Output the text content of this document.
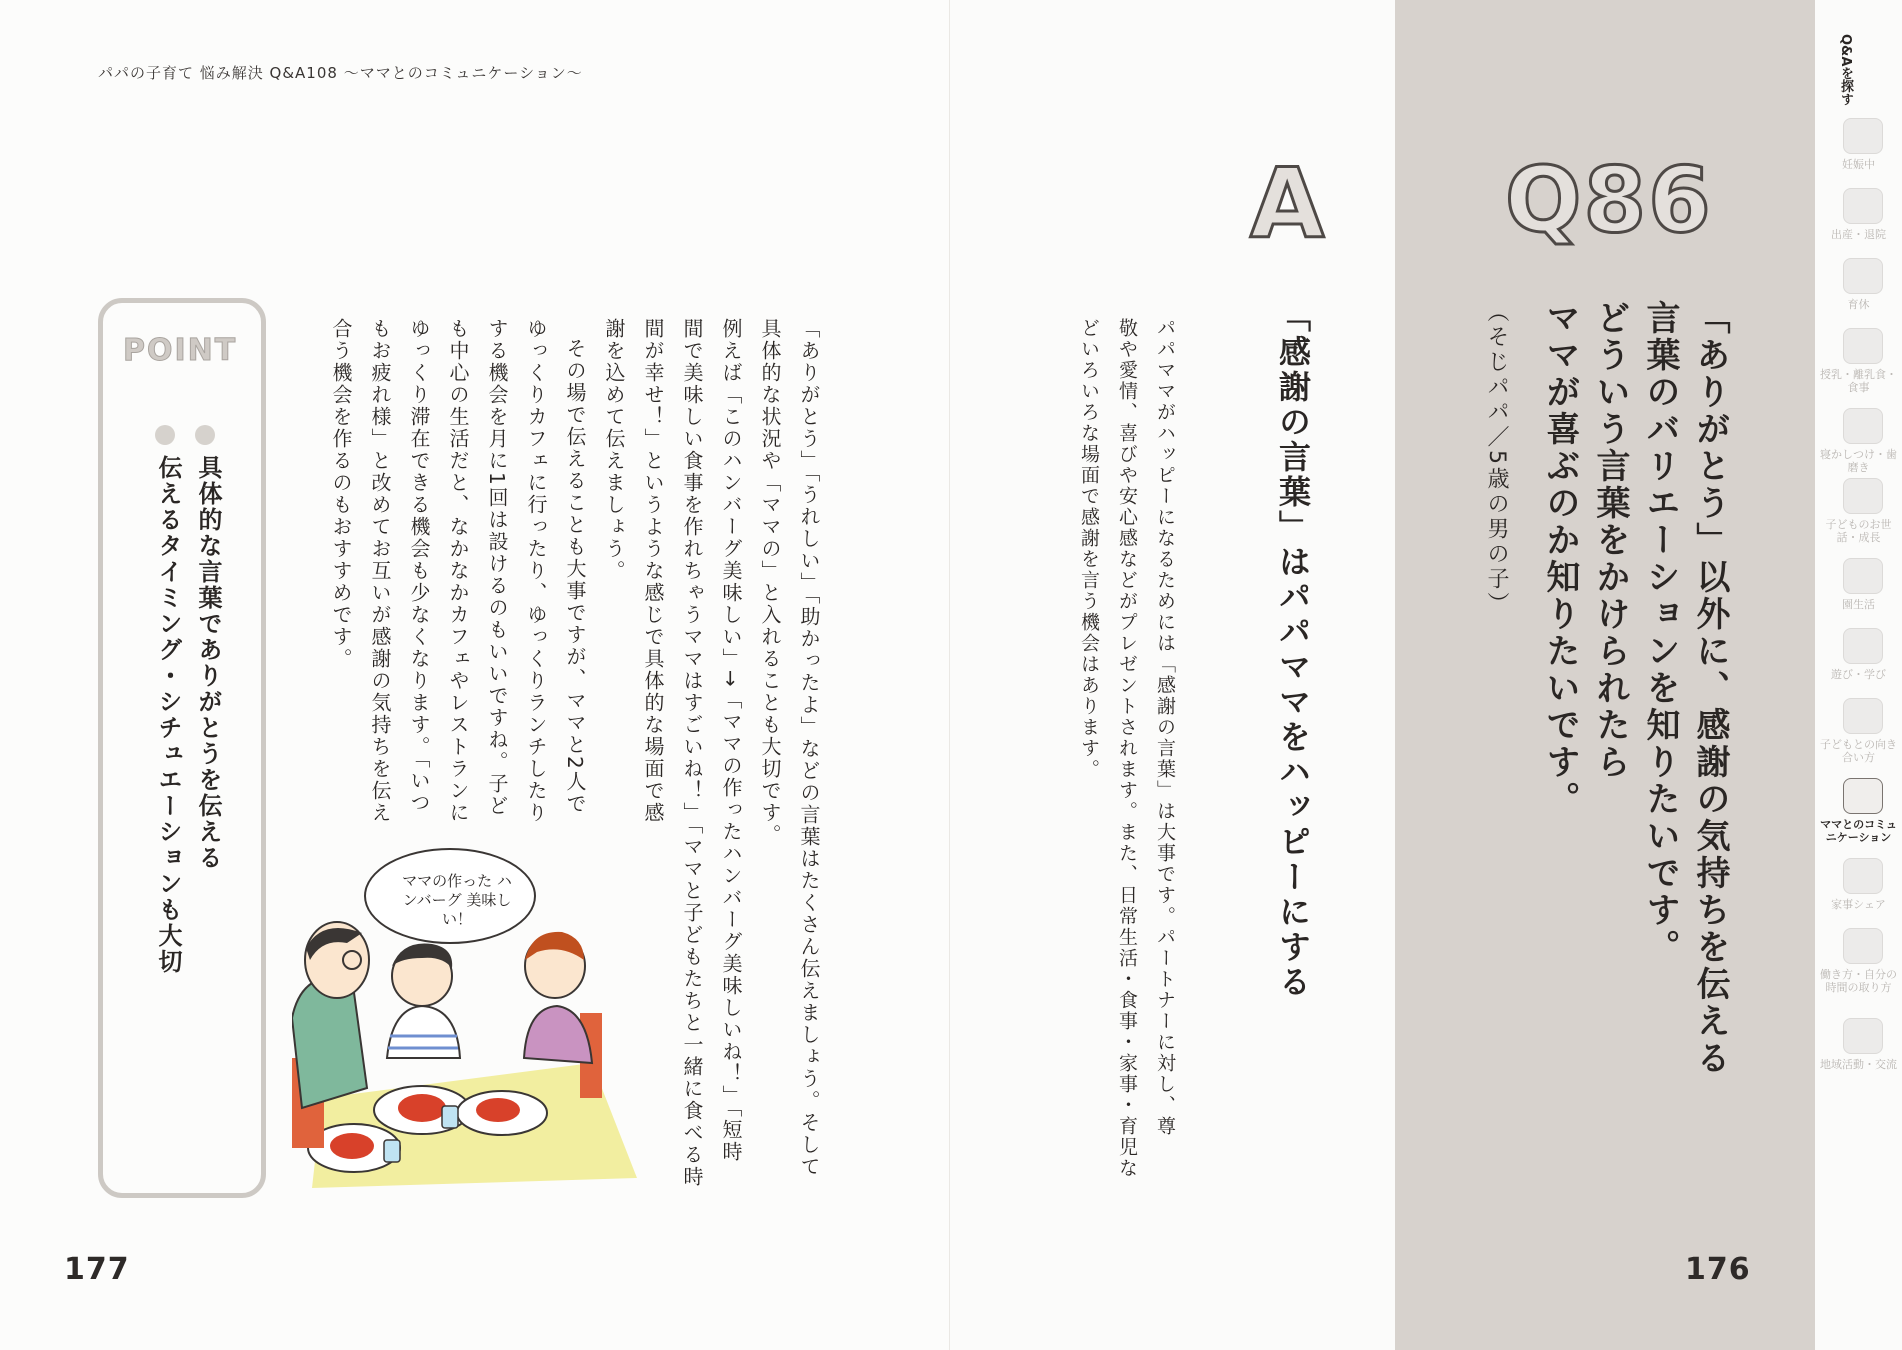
パパの子育て 悩み解決 Q&A108 〜ママとのコミュニケーション〜
POINT
具体的な言葉でありがとうを伝える
伝えるタイミング・シチュエーションも大切	「ありがとう」「うれしい」「助かったよ」などの言葉はたくさん伝えましょう。そして
具体的な状況や「ママの」と入れることも大切です。
例えば「このハンバーグ美味しい」→「ママの作ったハンバーグ美味しいね！」「短時
間で美味しい食事を作れちゃうママはすごいね！」「ママと子どもたちと一緒に食べる時
間が幸せ！」というような感じで具体的な場面で感
謝を込めて伝えましょう。
その場で伝えることも大事ですが、ママと2人で
ゆっくりカフェに行ったり、ゆっくりランチしたり
する機会を月に1回は設けるのもいいですね。子ど
も中心の生活だと、なかなかカフェやレストランに
ゆっくり滞在できる機会も少なくなります。「いつ
もお疲れ様」と改めてお互いが感謝の気持ちを伝え
合う機会を作るのもおすすめです。
ママの作った ハンバーグ 美味しい！
177
パパママがハッピーになるためには「感謝の言葉」は大事です。パートナーに対し、尊
敬や愛情、喜びや安心感などがプレゼントされます。また、日常生活・食事・家事・育児な
どいろいろな場面で感謝を言う機会はあります。	「感謝の言葉」はパパママをハッピーにする
A Q86
（そじパパ／5歳の男の子）	「ありがとう」以外に、感謝の気持ちを伝える
言葉のバリエーションを知りたいです。
どういう言葉をかけられたら
ママが喜ぶのか知りたいです。
176
Q&Aを探す
妊娠中
出産・退院
育休
授乳・離乳食・食事
寝かしつけ・歯磨き
子どものお世話・成長
園生活
遊び・学び
子どもとの向き合い方
ママとのコミュニケーション
家事シェア
働き方・自分の時間の取り方
地域活動・交流
